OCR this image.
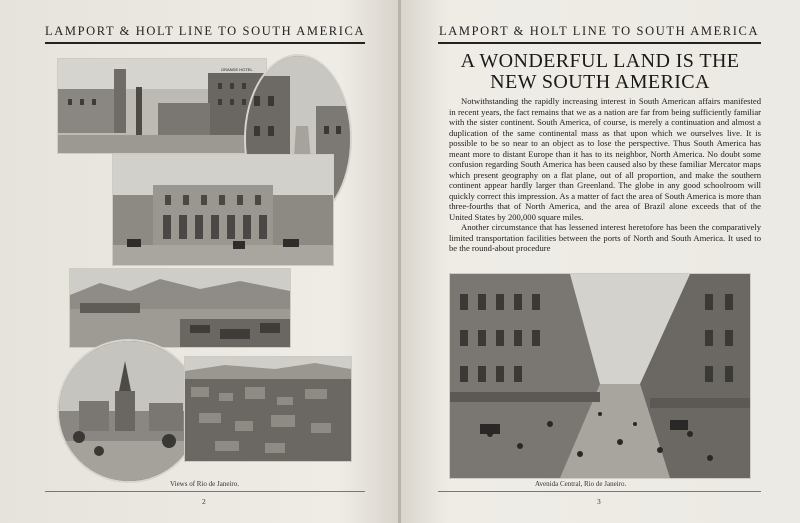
LAMPORT & HOLT LINE TO SOUTH AMERICA
GRANDE HOTEL
Views of Rio de Janeiro.
2
LAMPORT & HOLT LINE TO SOUTH AMERICA
A WONDERFUL LAND IS THE
NEW SOUTH AMERICA

Notwithstanding the rapidly increasing interest in South American affairs manifested in recent years, the fact remains that we as a nation are far from being sufficiently familiar with the sister continent. South America, of course, is merely a continuation and almost a duplication of the same continental mass as that upon which we ourselves live. It is possible to be so near to an object as to lose the perspective. Thus South America has meant more to distant Europe than it has to its neighbor, North America. No doubt some confusion regarding South America has been caused also by these familiar Mercator maps which present geography on a flat plane, out of all proportion, and make the southern continent appear hardly larger than Greenland. The globe in any good schoolroom will quickly correct this impression. As a matter of fact the area of South America is more than three-fourths that of North America, and the area of Brazil alone exceeds that of the United States by 200,000 square miles.

Another circumstance that has lessened interest heretofore has been the comparatively limited transportation facilities between the ports of North and South America. It used to be the round-about procedure

Avenida Central, Rio de Janeiro.
3
